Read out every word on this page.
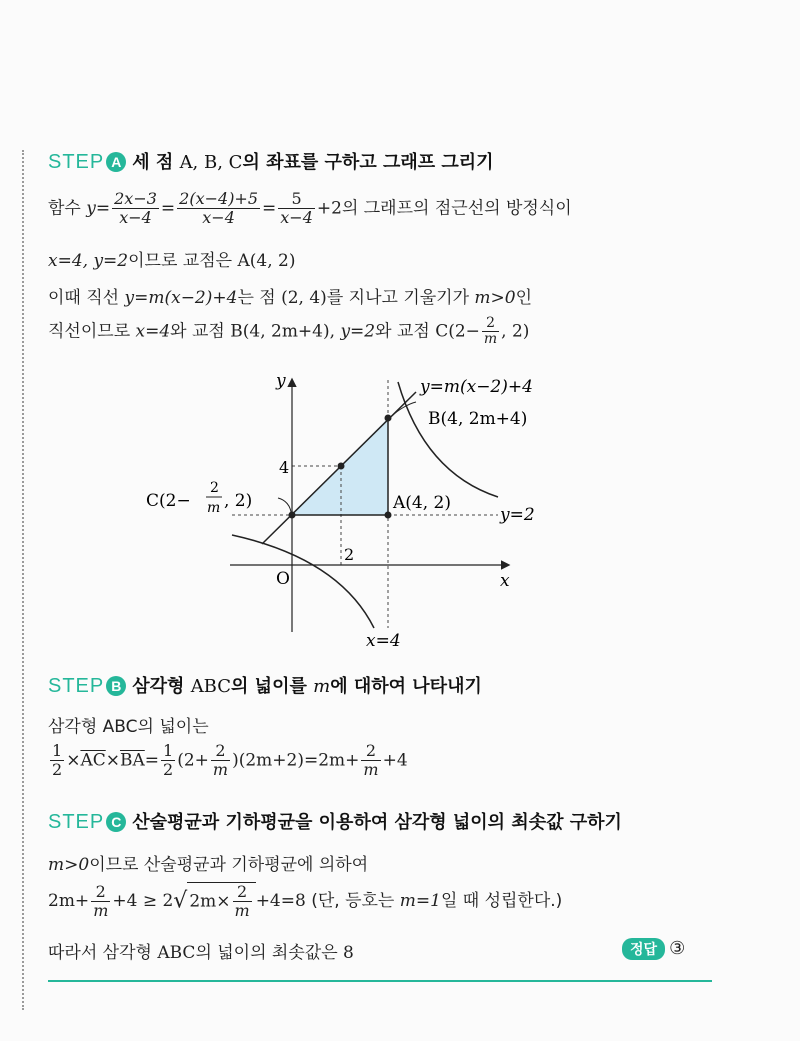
STEP A 세 점 A, B, C의 좌표를 구하고 그래프 그리기
함수 $y= \frac{2x-3}{x-4} = \frac{2(x-4)+5}{x-4} = \frac{5}{x-4} +2$의 그래프의 점근선의 방정식이
x=4, y=2이므로 교점은 A(4, 2)
이때 직선 y=m(x−2)+4는 점 (2, 4)를 지나고 기울기가 m>0인
직선이므로 x=4와 교점 B(4, 2m+4), y=2와 교점 $C(2- \frac{2}{m}$ , 2)
y
x
O
4
2
y=m(x−2)+4
B(4, 2m+4)
A(4, 2)
y=2
x=4
C(2−
2
m , 2)
STEP B 삼각형 ABC의 넓이를 m에 대하여 나타내기
삼각형 ABC의 넓이는
$\frac{1}{2} \times\overline{AC}\times\overline{BA}= \frac{1}{2} (2+ \frac{2}{m} )(2m+2)=2m+ \frac{2}{m} +4$
STEP C 산술평균과 기하평균을 이용하여 삼각형 넓이의 최솟값 구하기
m>0이므로 산술평균과 기하평균에 의하여
$2m+ \frac{2}{m} +4 \ge 2√$ $2m\times \frac{2}{m} +4=8$ (단, 등호는 m=1일 때 성립한다.)
따라서 삼각형 ABC의 넓이의 최솟값은 8	정답 ③
